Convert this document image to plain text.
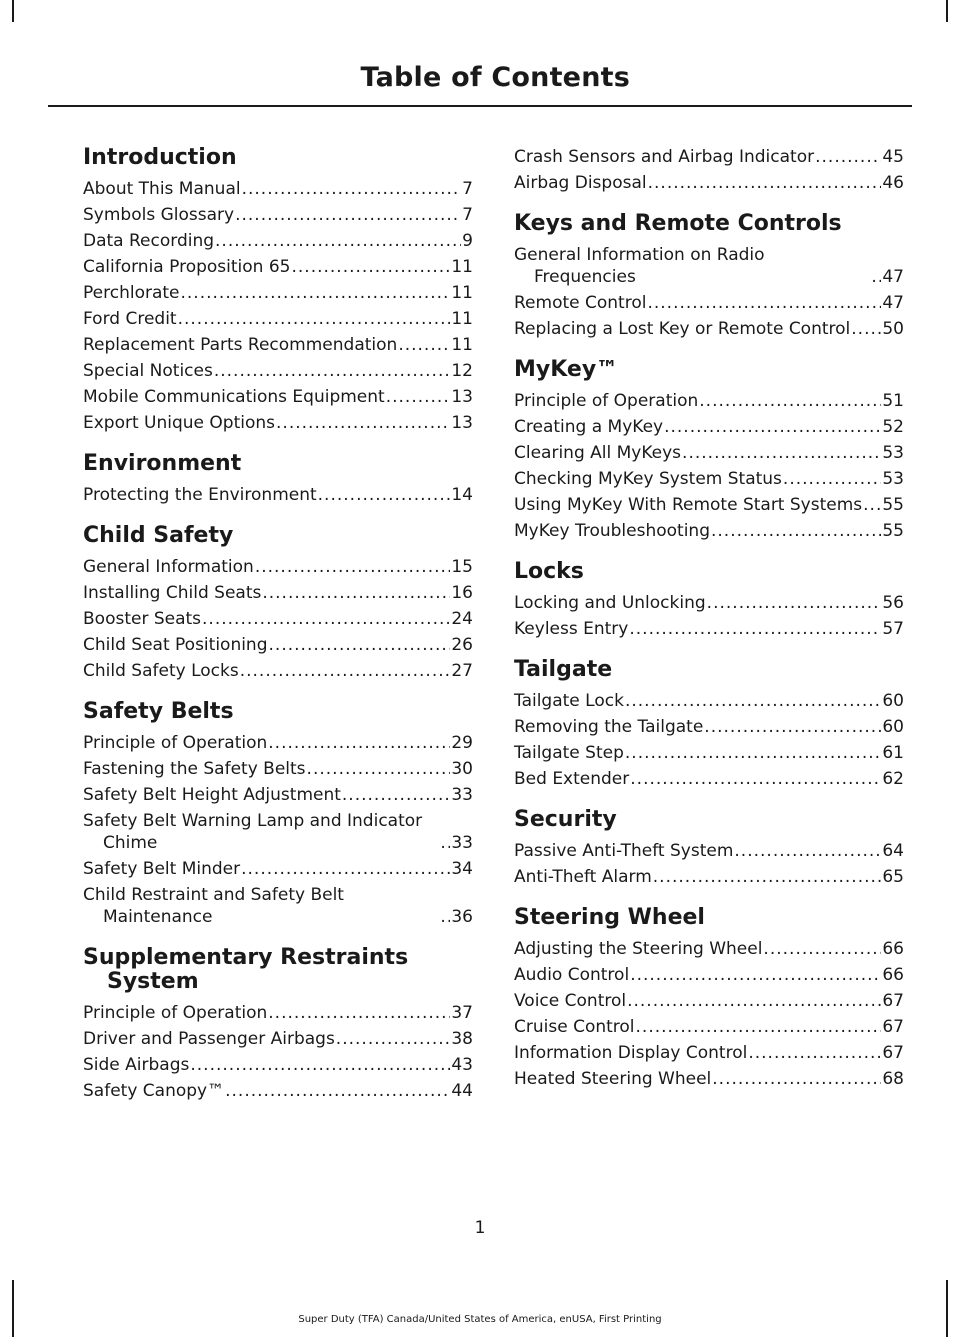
Table of Contents
Introduction
About This Manual .....	7
Symbols Glossary .....	7
Data Recording .....	9
California Proposition 65 .....	11
Perchlorate .....	11
Ford Credit .....	11
Replacement Parts Recommendation .....	11
Special Notices .....	12
Mobile Communications Equipment .....	13
Export Unique Options .....	13
Environment
Protecting the Environment .....	14
Child Safety
General Information .....	15
Installing Child Seats .....	16
Booster Seats .....	24
Child Seat Positioning .....	26
Child Safety Locks .....	27
Safety Belts
Principle of Operation .....	29
Fastening the Safety Belts .....	30
Safety Belt Height Adjustment .....	33
Safety Belt Warning Lamp and Indicator Chime .....	33
Safety Belt Minder .....	34
Child Restraint and Safety Belt Maintenance .....	36
Supplementary Restraints System
Principle of Operation .....	37
Driver and Passenger Airbags .....	38
Side Airbags .....	43
Safety Canopy™ .....	44
Crash Sensors and Airbag Indicator .....	45
Airbag Disposal .....	46
Keys and Remote Controls
General Information on Radio Frequencies .....	47
Remote Control .....	47
Replacing a Lost Key or Remote Control ..... 50
MyKey™
Principle of Operation .....	51
Creating a MyKey .....	52
Clearing All MyKeys .....	53
Checking MyKey System Status .....	53
Using MyKey With Remote Start Systems ..... 55
MyKey Troubleshooting .....	55
Locks
Locking and Unlocking .....	56
Keyless Entry .....	57
Tailgate
Tailgate Lock .....	60
Removing the Tailgate .....	60
Tailgate Step .....	61
Bed Extender .....	62
Security
Passive Anti-Theft System .....	64
Anti-Theft Alarm .....	65
Steering Wheel
Adjusting the Steering Wheel .....	66
Audio Control .....	66
Voice Control .....	67
Cruise Control .....	67
Information Display Control .....	67
Heated Steering Wheel .....	68
1
Super Duty (TFA) Canada/United States of America, enUSA, First Printing
